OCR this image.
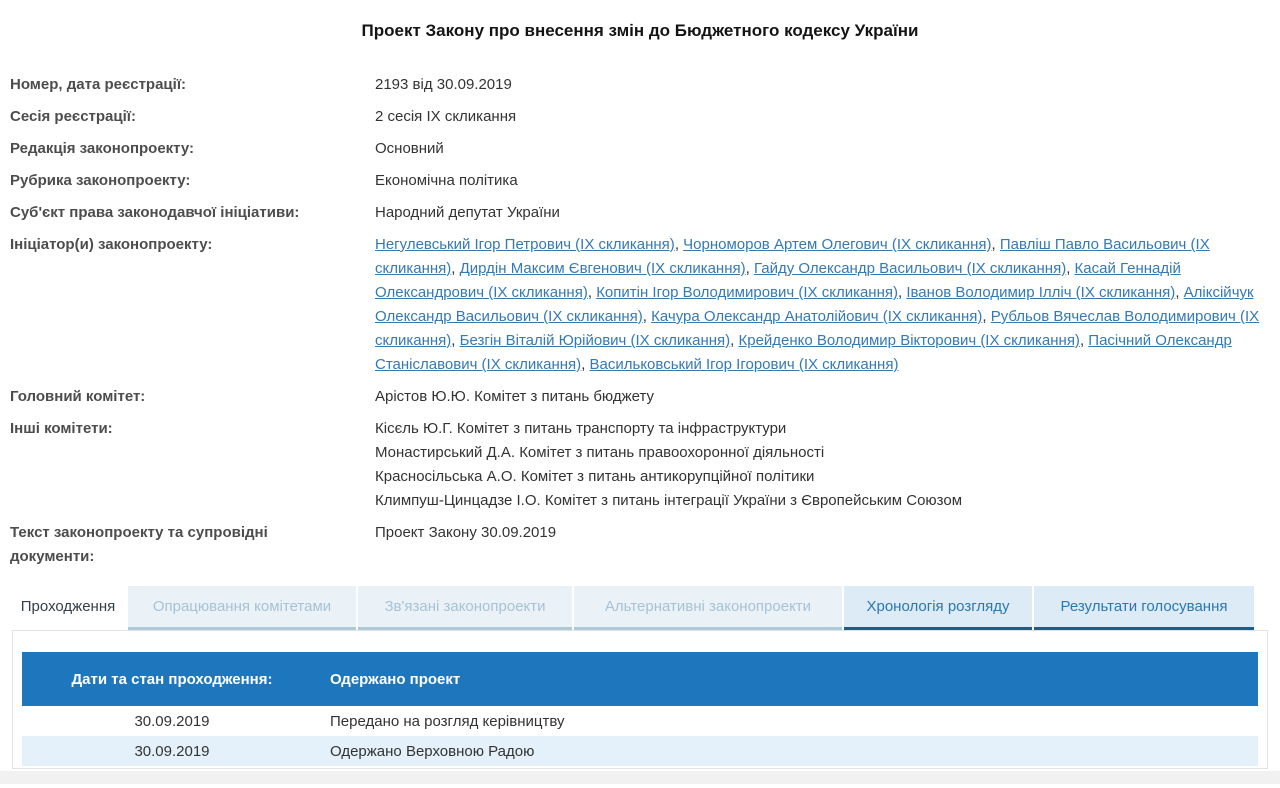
Проект Закону про внесення змін до Бюджетного кодексу України
Номер, дата реєстрації:	2193 від 30.09.2019
Сесія реєстрації:	2 сесія IX скликання
Редакція законопроекту:	Основний
Рубрика законопроекту:	Економічна політика
Суб'єкт права законодавчої ініціативи:	Народний депутат України
Ініціатор(и) законопроекту:	Негулевський Ігор Петрович (IX скликання), Чорноморов Артем Олегович (IX скликання), Павліш Павло Васильович (IX скликання), Дирдін Максим Євгенович (IX скликання), Гайду Олександр Васильович (IX скликання), Касай Геннадій Олександрович (IX скликання), Копитін Ігор Володимирович (IX скликання), Іванов Володимир Ілліч (IX скликання), Аліксійчук Олександр Васильович (IX скликання), Качура Олександр Анатолійович (IX скликання), Рубльов Вячеслав Володимирович (IX скликання), Безгін Віталій Юрійович (IX скликання), Крейденко Володимир Вікторович (IX скликання), Пасічний Олександр Станіславович (IX скликання), Васильковський Ігор Ігорович (IX скликання)
Головний комітет:	Арістов Ю.Ю. Комітет з питань бюджету
Інші комітети:	Кісєль Ю.Г. Комітет з питань транспорту та інфраструктури
Монастирський Д.А. Комітет з питань правоохоронної діяльності
Красносільська А.О. Комітет з питань антикорупційної політики
Климпуш-Цинцадзе І.О. Комітет з питань інтеграції України з Європейським Союзом
Текст законопроекту та супровідні документи:
Проект Закону 30.09.2019
Проходження	Опрацювання комітетами	Зв'язані законопроекти	Альтернативні законопроекти	Хронологія розгляду	Результати голосування
Дати та стан проходження:	Одержано проект
30.09.2019	Передано на розгляд керівництву
30.09.2019	Одержано Верховною Радою
